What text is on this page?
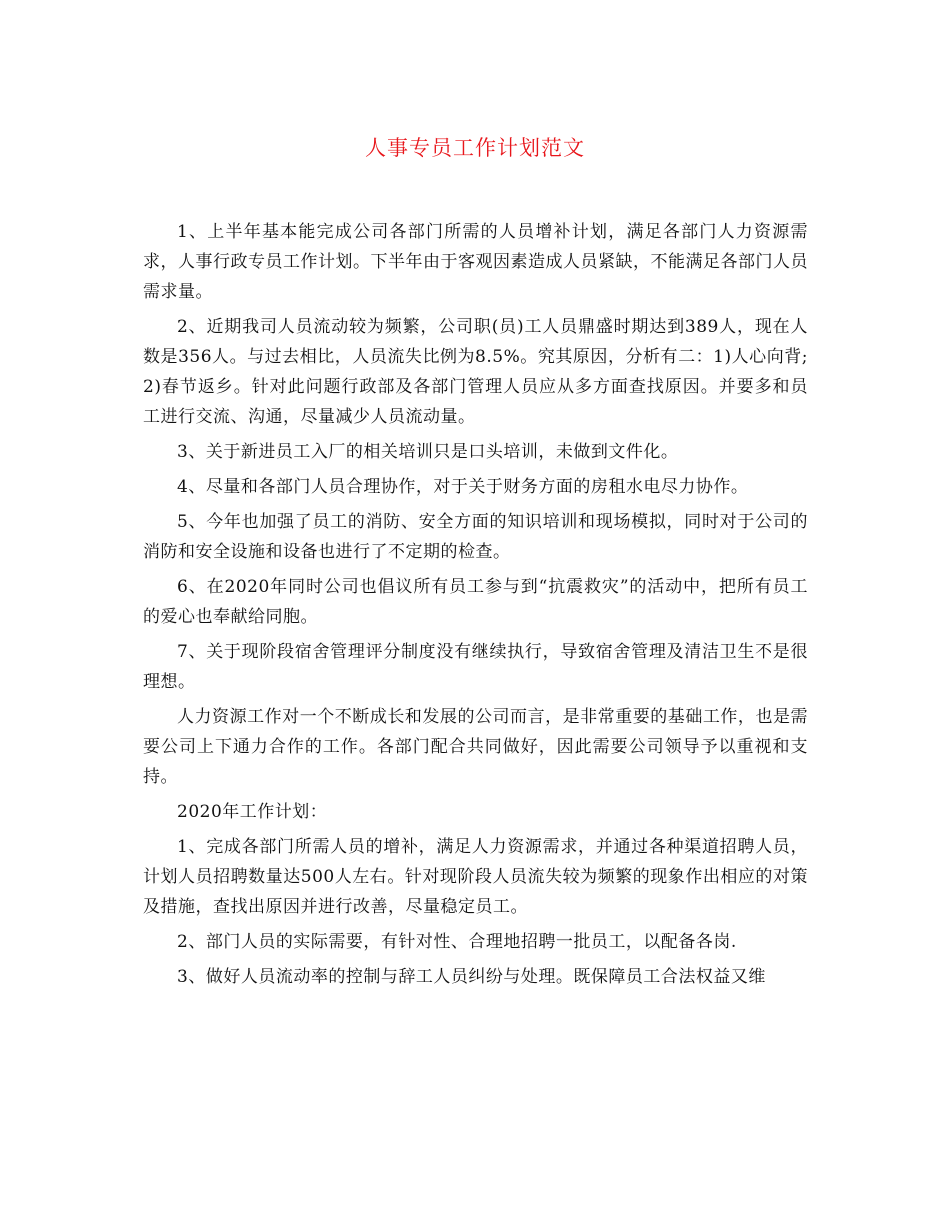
人事专员工作计划范文

1、上半年基本能完成公司各部门所需的人员增补计划，满足各部门人力资源需求，人事行政专员工作计划。下半年由于客观因素造成人员紧缺，不能满足各部门人员需求量。

2、近期我司人员流动较为频繁，公司职(员)工人员鼎盛时期达到389人，现在人数是356人。与过去相比，人员流失比例为8.5%。究其原因，分析有二：1)人心向背;2)春节返乡。针对此问题行政部及各部门管理人员应从多方面查找原因。并要多和员工进行交流、沟通，尽量减少人员流动量。

3、关于新进员工入厂的相关培训只是口头培训，未做到文件化。

4、尽量和各部门人员合理协作，对于关于财务方面的房租水电尽力协作。

5、今年也加强了员工的消防、安全方面的知识培训和现场模拟，同时对于公司的消防和安全设施和设备也进行了不定期的检查。

6、在2020年同时公司也倡议所有员工参与到“抗震救灾”的活动中，把所有员工的爱心也奉献给同胞。

7、关于现阶段宿舍管理评分制度没有继续执行，导致宿舍管理及清洁卫生不是很理想。

人力资源工作对一个不断成长和发展的公司而言，是非常重要的基础工作，也是需要公司上下通力合作的工作。各部门配合共同做好，因此需要公司领导予以重视和支持。

2020年工作计划：

1、完成各部门所需人员的增补，满足人力资源需求，并通过各种渠道招聘人员，计划人员招聘数量达500人左右。针对现阶段人员流失较为频繁的现象作出相应的对策及措施，查找出原因并进行改善，尽量稳定员工。

2、部门人员的实际需要，有针对性、合理地招聘一批员工，以配备各岗.

3、做好人员流动率的控制与辞工人员纠纷与处理。既保障员工合法权益又维
